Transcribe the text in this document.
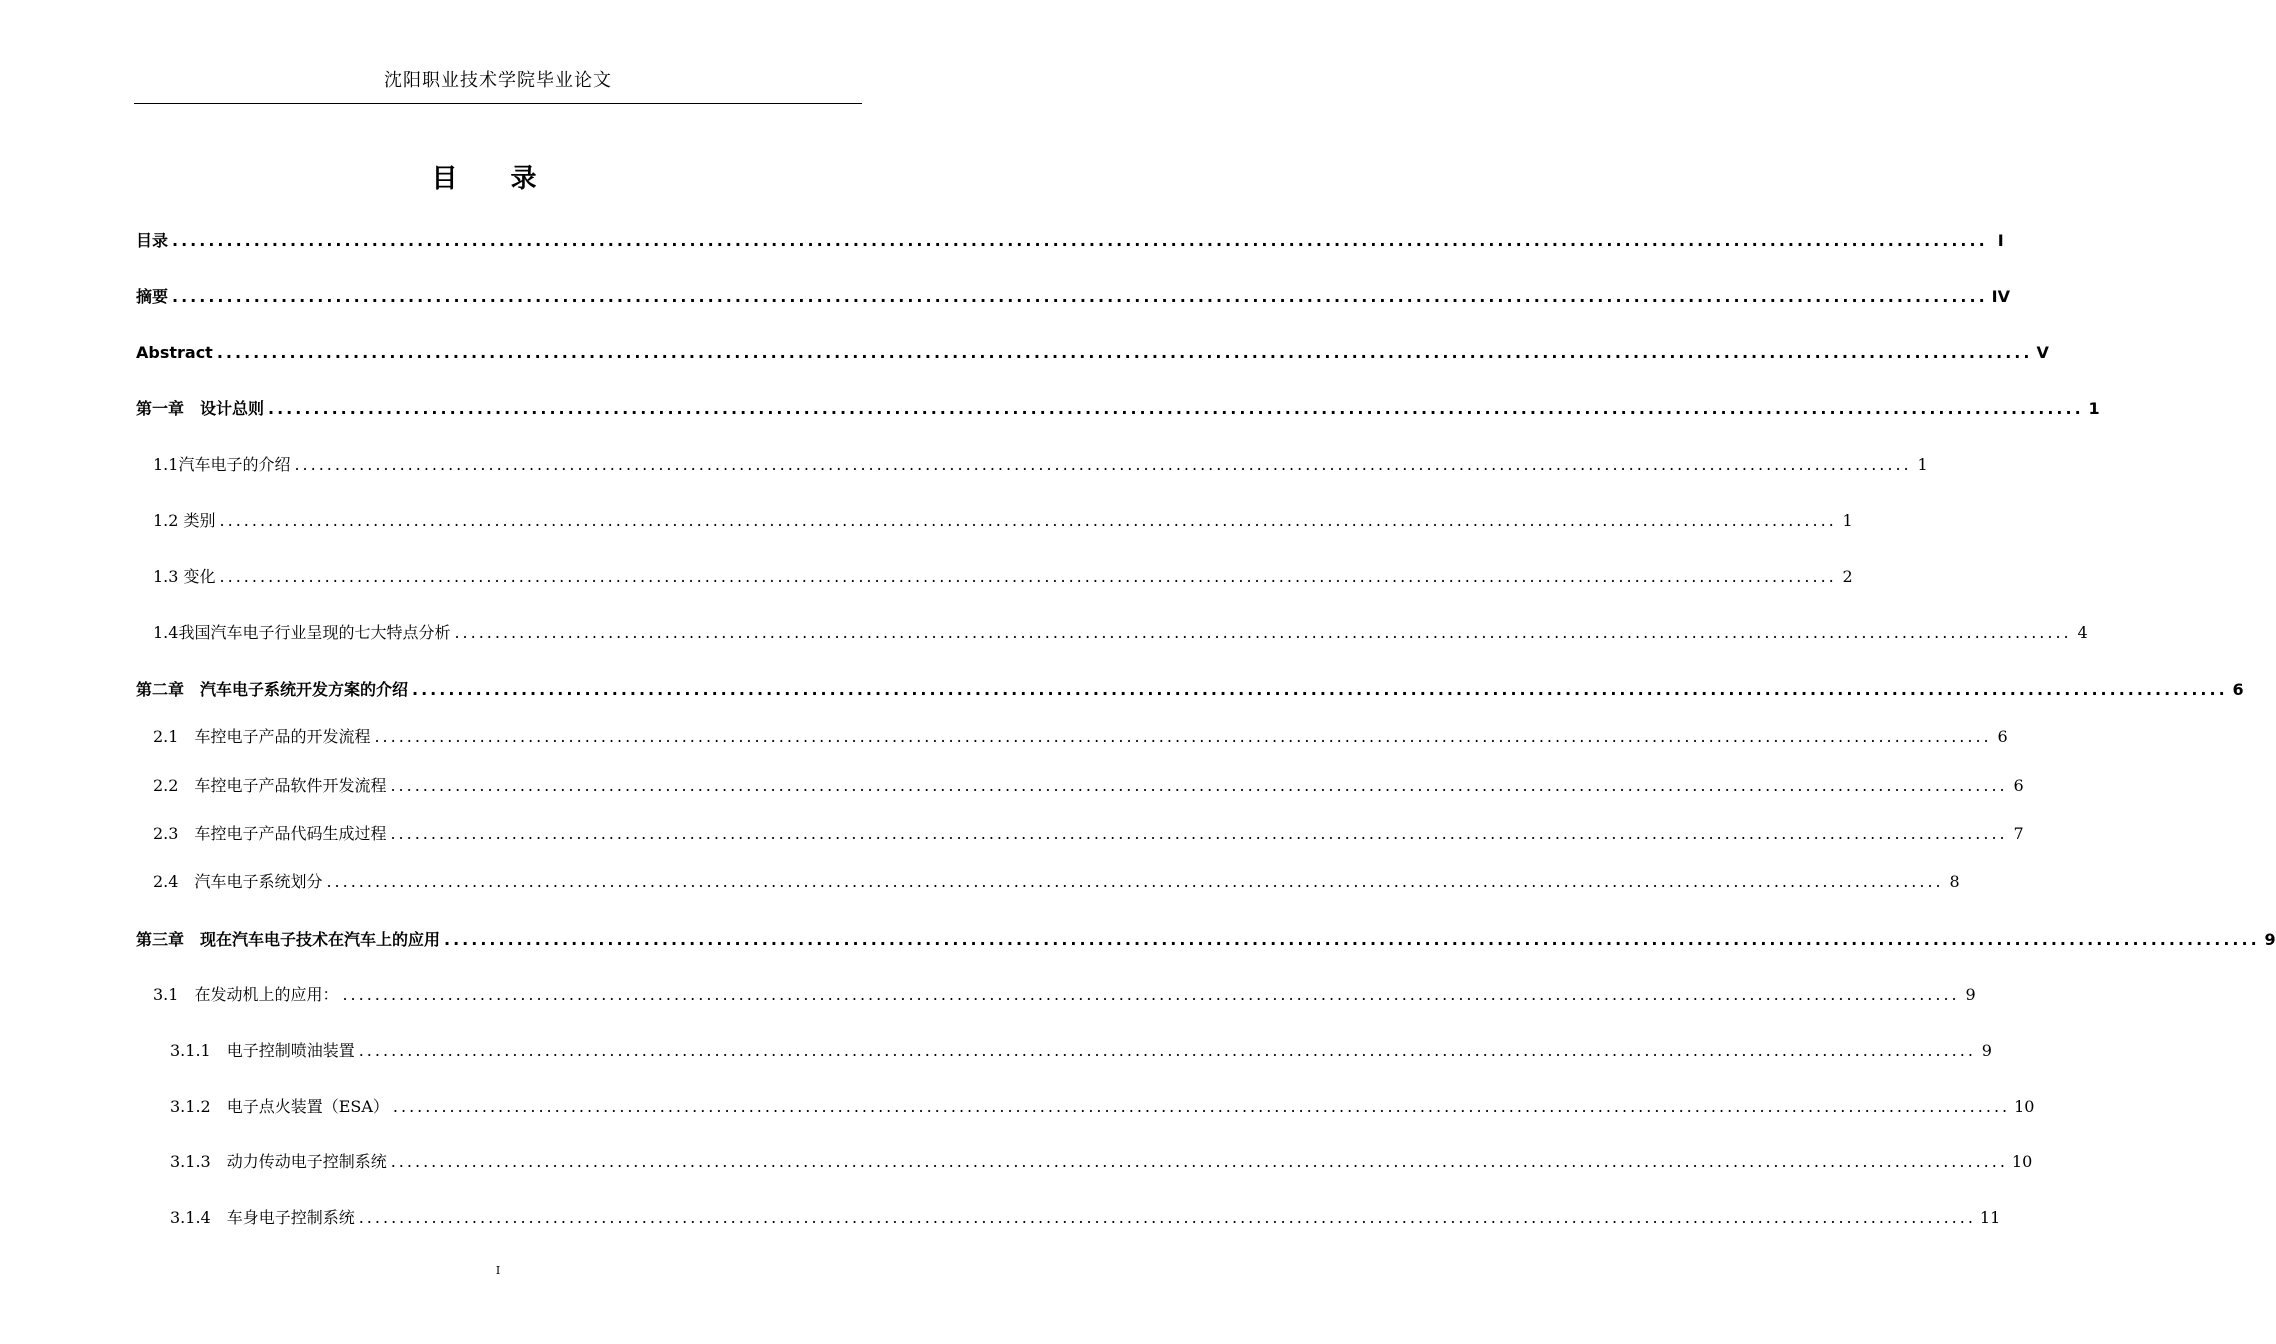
沈阳职业技术学院毕业论文
目 录
目录 ........................................................................................................................................................................................................ I
摘要 ........................................................................................................................................................................................................ IV
Abstract ........................................................................................................................................................................................................ V
第一章　设计总则 ........................................................................................................................................................................................................ 1
1.1汽车电子的介绍 ........................................................................................................................................................................................................ 1
1.2 类别 ........................................................................................................................................................................................................ 1
1.3 变化 ........................................................................................................................................................................................................ 2
1.4我国汽车电子行业呈现的七大特点分析 ........................................................................................................................................................................................................ 4
第二章　汽车电子系统开发方案的介绍 ........................................................................................................................................................................................................ 6
2.1　车控电子产品的开发流程 ........................................................................................................................................................................................................ 6
2.2　车控电子产品软件开发流程 ........................................................................................................................................................................................................ 6
2.3　车控电子产品代码生成过程 ........................................................................................................................................................................................................ 7
2.4　汽车电子系统划分 ........................................................................................................................................................................................................ 8
第三章　现在汽车电子技术在汽车上的应用 ........................................................................................................................................................................................................ 9
3.1　在发动机上的应用： ........................................................................................................................................................................................................ 9
3.1.1　电子控制喷油装置 ........................................................................................................................................................................................................ 9
3.1.2　电子点火装置（ESA） ........................................................................................................................................................................................................ 10
3.1.3　动力传动电子控制系统 ........................................................................................................................................................................................................ 10
3.1.4　车身电子控制系统 ........................................................................................................................................................................................................ 11
I
